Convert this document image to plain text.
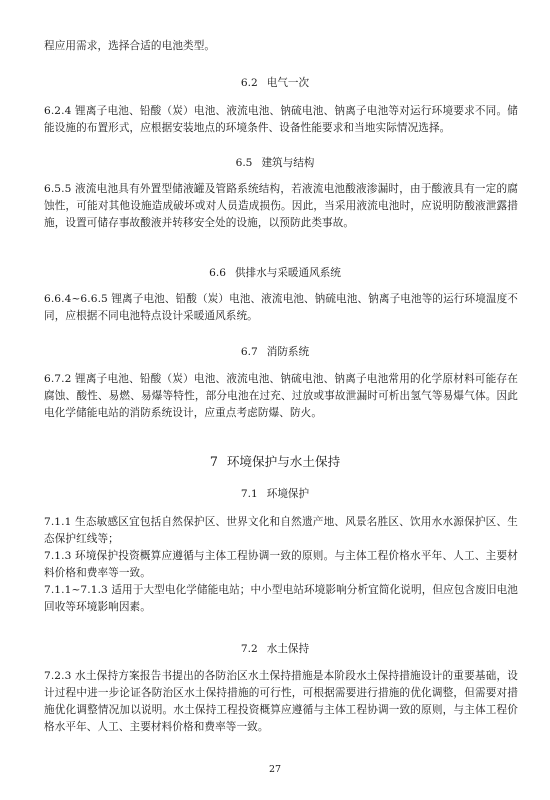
程应用需求，选择合适的电池类型。

6.2 电气一次

6.2.4 锂离子电池、铅酸（炭）电池、液流电池、钠硫电池、钠离子电池等对运行环境要求不同。储能设施的布置形式，应根据安装地点的环境条件、设备性能要求和当地实际情况选择。

6.5 建筑与结构

6.5.5 液流电池具有外置型储液罐及管路系统结构，若液流电池酸液渗漏时，由于酸液具有一定的腐蚀性，可能对其他设施造成破坏或对人员造成损伤。因此，当采用液流电池时，应说明防酸液泄露措施，设置可储存事故酸液并转移安全处的设施，以预防此类事故。

6.6 供排水与采暖通风系统

6.6.4~6.6.5 锂离子电池、铅酸（炭）电池、液流电池、钠硫电池、钠离子电池等的运行环境温度不同，应根据不同电池特点设计采暖通风系统。

6.7 消防系统

6.7.2 锂离子电池、铅酸（炭）电池、液流电池、钠硫电池、钠离子电池常用的化学原材料可能存在腐蚀、酸性、易燃、易爆等特性，部分电池在过充、过放或事故泄漏时可析出氢气等易爆气体。因此电化学储能电站的消防系统设计，应重点考虑防爆、防火。

7 环境保护与水土保持
7.1 环境保护

7.1.1 生态敏感区宜包括自然保护区、世界文化和自然遗产地、风景名胜区、饮用水水源保护区、生态保护红线等；

7.1.3 环境保护投资概算应遵循与主体工程协调一致的原则。与主体工程价格水平年、人工、主要材料价格和费率等一致。

7.1.1~7.1.3 适用于大型电化学储能电站；中小型电站环境影响分析宜简化说明，但应包含废旧电池回收等环境影响因素。

7.2 水土保持

7.2.3 水土保持方案报告书提出的各防治区水土保持措施是本阶段水土保持措施设计的重要基础，设计过程中进一步论证各防治区水土保持措施的可行性，可根据需要进行措施的优化调整，但需要对措施优化调整情况加以说明。水土保持工程投资概算应遵循与主体工程协调一致的原则，与主体工程价格水平年、人工、主要材料价格和费率等一致。

27
